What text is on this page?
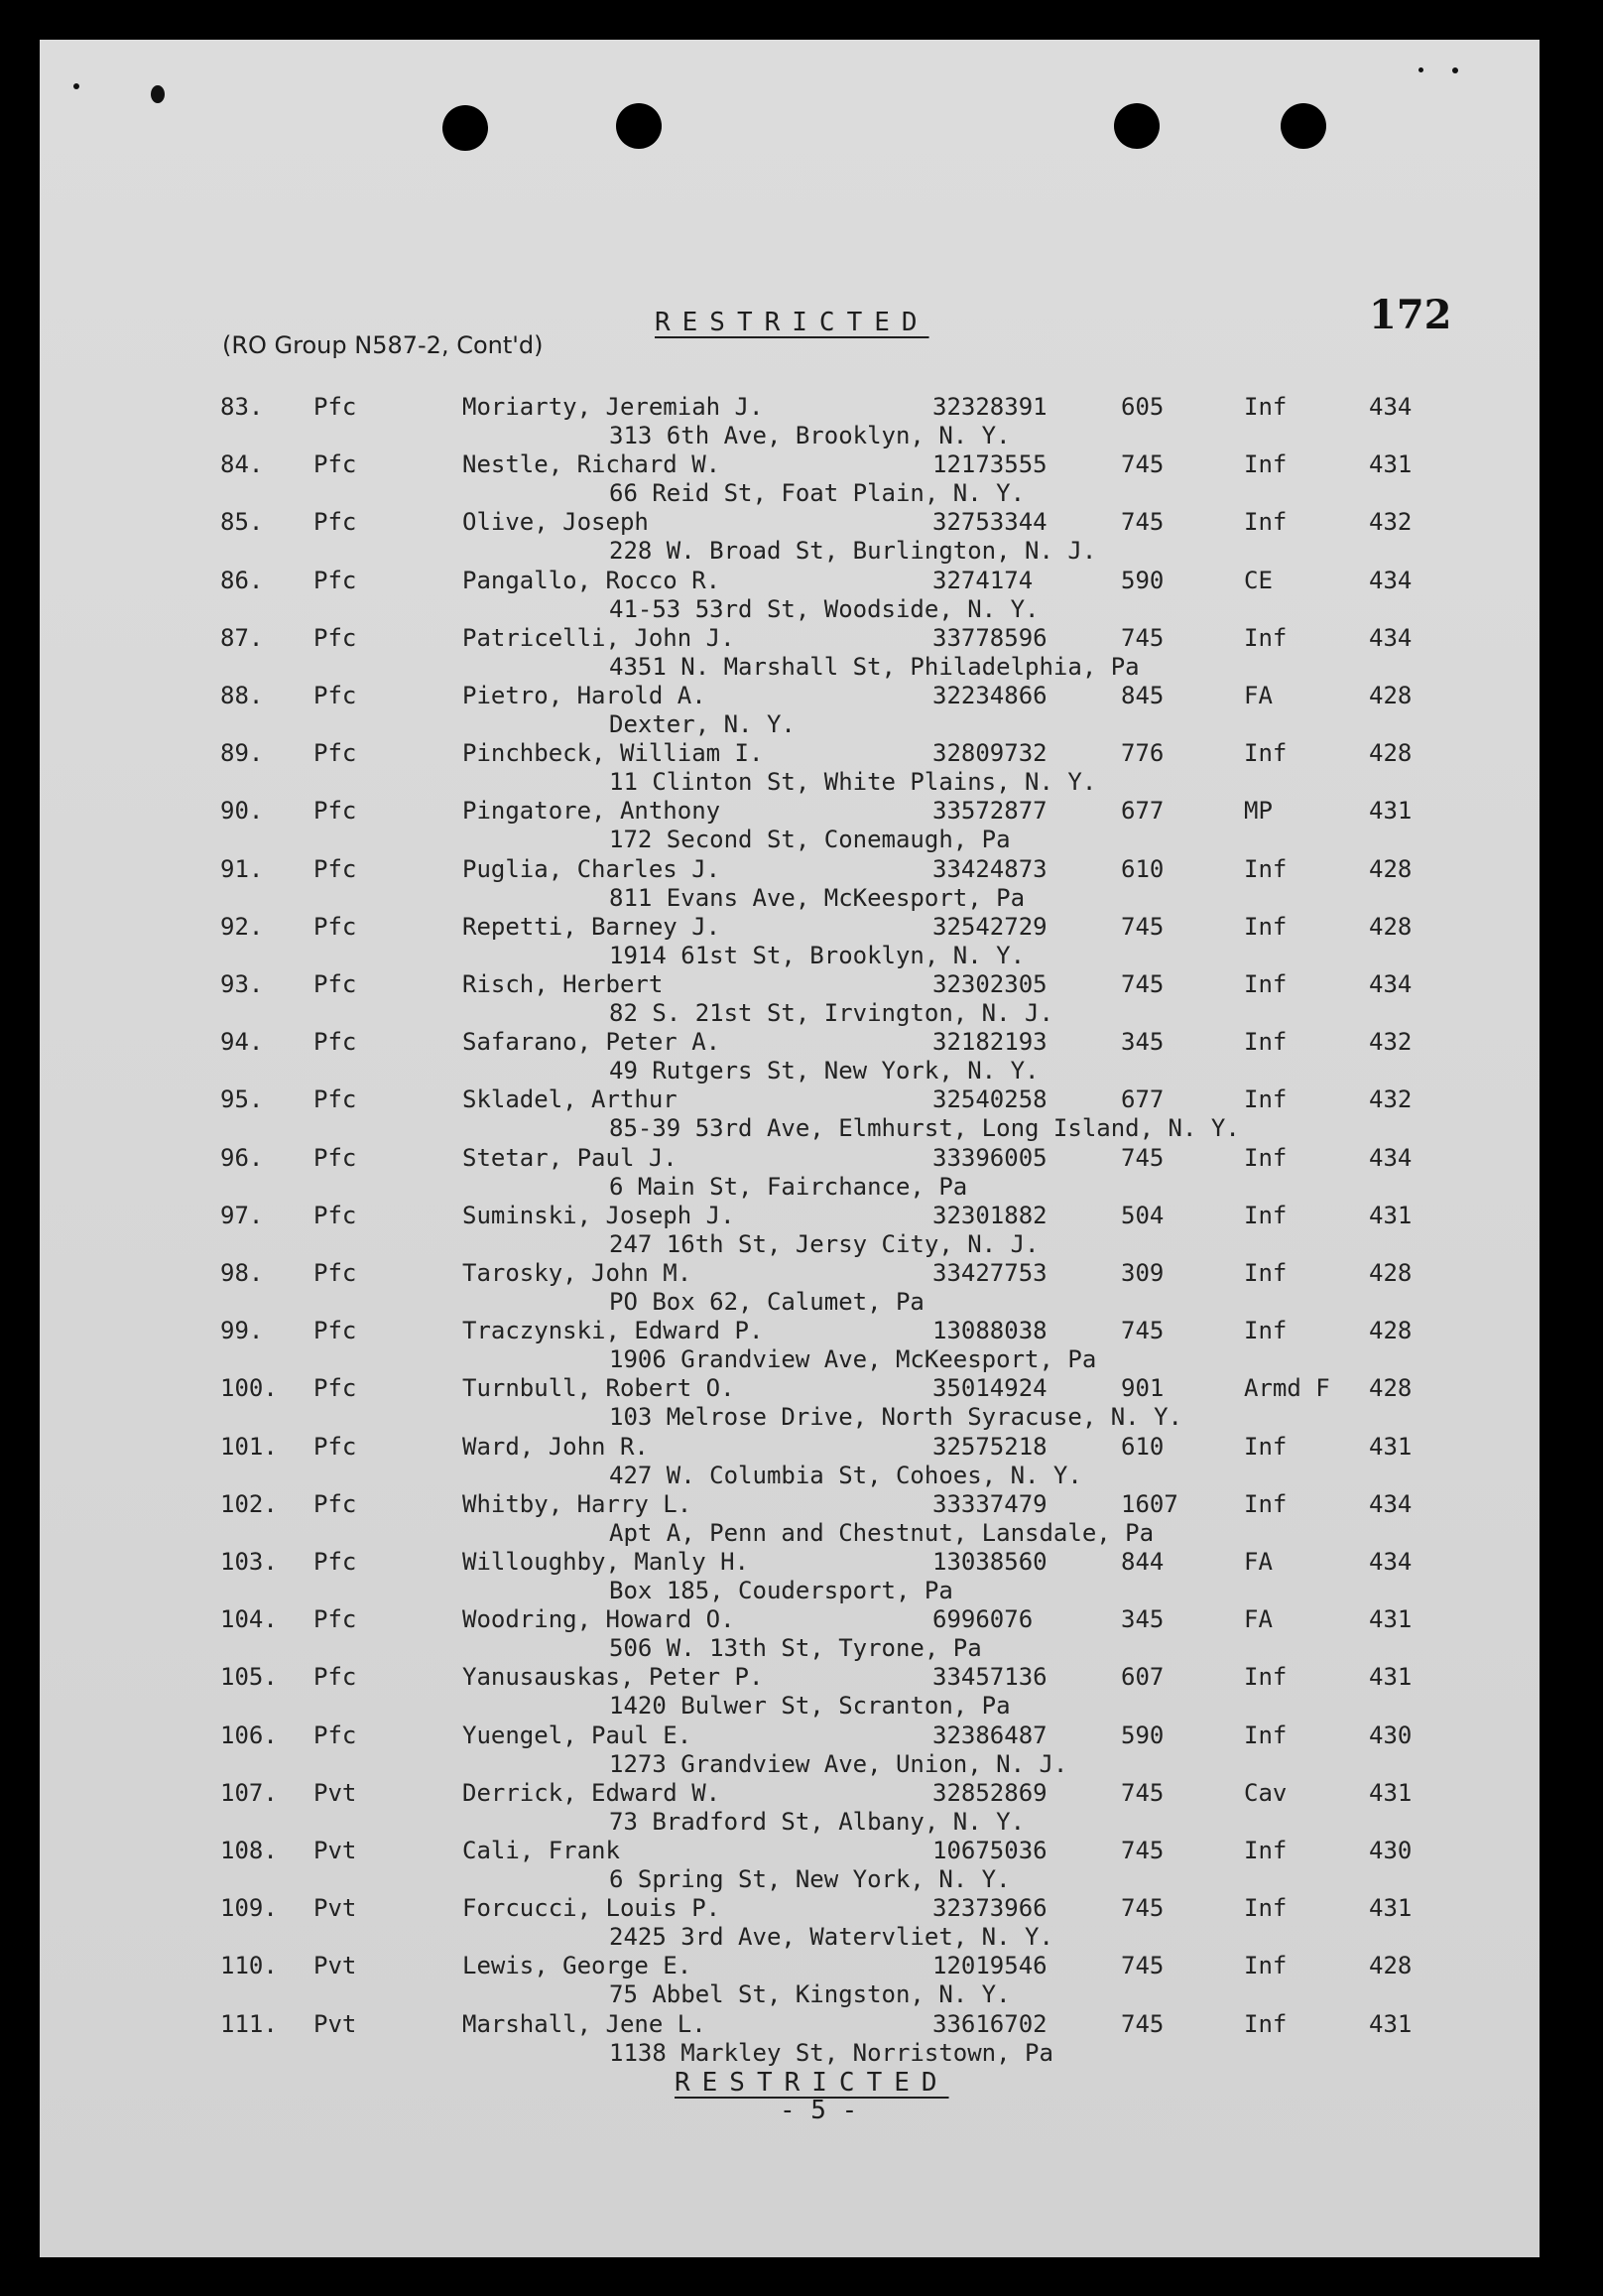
(RO Group N587-2, Cont'd)
RESTRICTED	172
83. Pfc	Moriarty, Jeremiah J.	32328391	605	Inf	434
313 6th Ave, Brooklyn, N. Y.
84. Pfc	Nestle, Richard W.	12173555	745	Inf	431
66 Reid St, Foat Plain, N. Y.
85. Pfc	Olive, Joseph	32753344	745	Inf	432
228 W. Broad St, Burlington, N. J.
86. Pfc	Pangallo, Rocco R.	3274174	590	CE	434
41-53 53rd St, Woodside, N. Y.
87. Pfc	Patricelli, John J.	33778596	745	Inf	434
4351 N. Marshall St, Philadelphia, Pa
88. Pfc	Pietro, Harold A.	32234866	845	FA	428
Dexter, N. Y.
89. Pfc	Pinchbeck, William I.	32809732	776	Inf	428
11 Clinton St, White Plains, N. Y.
90. Pfc	Pingatore, Anthony	33572877	677	MP	431
172 Second St, Conemaugh, Pa
91. Pfc	Puglia, Charles J.	33424873	610	Inf	428
811 Evans Ave, McKeesport, Pa
92. Pfc	Repetti, Barney J.	32542729	745	Inf	428
1914 61st St, Brooklyn, N. Y.
93. Pfc	Risch, Herbert	32302305	745	Inf	434
82 S. 21st St, Irvington, N. J.
94. Pfc	Safarano, Peter A.	32182193	345	Inf	432
49 Rutgers St, New York, N. Y.
95. Pfc	Skladel, Arthur	32540258	677	Inf	432
85-39 53rd Ave, Elmhurst, Long Island, N. Y.
96. Pfc	Stetar, Paul J.	33396005	745	Inf	434
6 Main St, Fairchance, Pa
97. Pfc	Suminski, Joseph J.	32301882	504	Inf	431
247 16th St, Jersy City, N. J.
98. Pfc	Tarosky, John M.	33427753	309	Inf	428
PO Box 62, Calumet, Pa
99. Pfc	Traczynski, Edward P.	13088038	745	Inf	428
1906 Grandview Ave, McKeesport, Pa
100. Pfc	Turnbull, Robert O.	35014924	901	Armd F 428
103 Melrose Drive, North Syracuse, N. Y.
101. Pfc	Ward, John R.	32575218	610	Inf	431
427 W. Columbia St, Cohoes, N. Y.
102. Pfc	Whitby, Harry L.	33337479	1607	Inf	434
Apt A, Penn and Chestnut, Lansdale, Pa
103. Pfc	Willoughby, Manly H.	13038560	844	FA	434
Box 185, Coudersport, Pa
104. Pfc	Woodring, Howard O.	6996076	345	FA	431
506 W. 13th St, Tyrone, Pa
105. Pfc	Yanusauskas, Peter P.	33457136	607	Inf	431
1420 Bulwer St, Scranton, Pa
106. Pfc	Yuengel, Paul E.	32386487	590	Inf	430
1273 Grandview Ave, Union, N. J.
107. Pvt	Derrick, Edward W.	32852869	745	Cav	431
73 Bradford St, Albany, N. Y.
108. Pvt	Cali, Frank	10675036	745	Inf	430
6 Spring St, New York, N. Y.
109. Pvt	Forcucci, Louis P.	32373966	745	Inf	431
2425 3rd Ave, Watervliet, N. Y.
110. Pvt	Lewis, George E.	12019546	745	Inf	428
75 Abbel St, Kingston, N. Y.
111. Pvt	Marshall, Jene L.	33616702	745	Inf	431
1138 Markley St, Norristown, Pa
RESTRICTED
- 5 -
